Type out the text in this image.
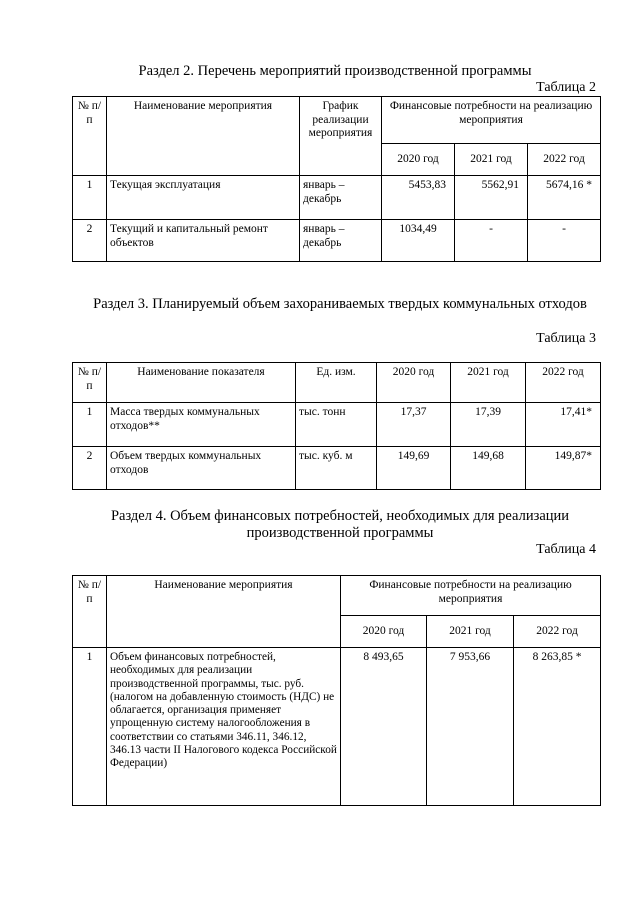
Раздел 2. Перечень мероприятий производственной программы
Таблица 2
№ п/п	Наименование мероприятия	График реализации мероприятия	Финансовые потребности на реализацию мероприятия		
			2020 год	2021 год	2022 год
1	Текущая эксплуатация	январь – декабрь	5453,83	5562,91	5674,16 *
2	Текущий и капитальный ремонт объектов	январь – декабрь	1034,49	-	-
Раздел 3. Планируемый объем захораниваемых твердых коммунальных отходов
Таблица 3
№ п/п	Наименование показателя	Ед. изм.	2020 год	2021 год	2022 год
1	Масса твердых коммунальных отходов**	тыс. тонн	17,37	17,39	17,41*
2	Объем твердых коммунальных отходов	тыс. куб. м	149,69	149,68	149,87*
Раздел 4. Объем финансовых потребностей, необходимых для реализации
производственной программы
Таблица 4
№ п/п	Наименование мероприятия	Финансовые потребности на реализацию мероприятия		
		2020 год	2021 год	2022 год
1	Объем финансовых потребностей, необходимых для реализации производственной программы, тыс. руб. (налогом на добавленную стоимость (НДС) не облагается, организация применяет упрощенную систему налогообложения в соответствии со статьями 346.11, 346.12, 346.13 части II Налогового кодекса Российской Федерации)	8 493,65	7 953,66	8 263,85 *
